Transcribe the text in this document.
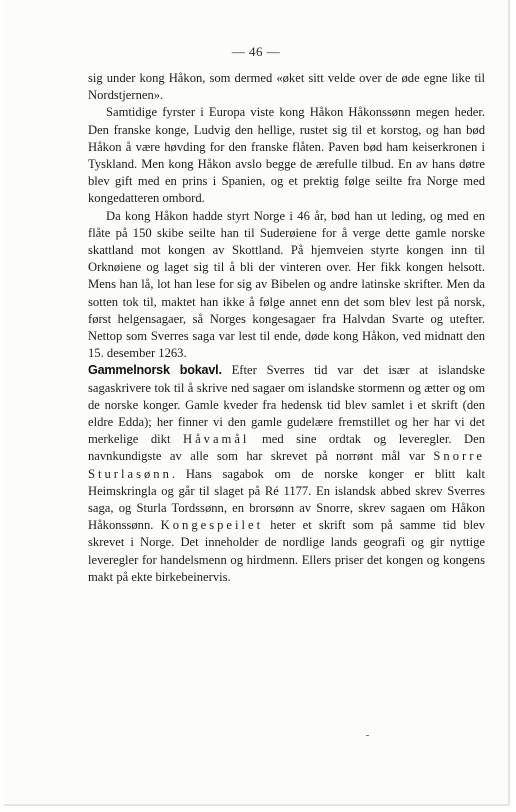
— 46 —

sig under kong Håkon, som dermed «øket sitt velde over de øde egne like til Nordstjernen».

Samtidige fyrster i Europa viste kong Håkon Håkonssønn megen heder. Den franske konge, Ludvig den hellige, rustet sig til et korstog, og han bød Håkon å være høvding for den franske flåten. Paven bød ham keiserkronen i Tyskland. Men kong Håkon avslo begge de ærefulle tilbud. En av hans døtre blev gift med en prins i Spanien, og et prektig følge seilte fra Norge med kongedatteren ombord.

Da kong Håkon hadde styrt Norge i 46 år, bød han ut leding, og med en flåte på 150 skibe seilte han til Suderøiene for å verge dette gamle norske skattland mot kongen av Skottland. På hjemveien styrte kongen inn til Orknøiene og laget sig til å bli der vinteren over. Her fikk kongen helsott. Mens han lå, lot han lese for sig av Bibelen og andre latinske skrifter. Men da sotten tok til, maktet han ikke å følge annet enn det som blev lest på norsk, først helgensagaer, så Norges kongesagaer fra Halvdan Svarte og utefter. Nettop som Sverres saga var lest til ende, døde kong Håkon, ved midnatt den 15. desember 1263.

Gammelnorsk bokavl. Efter Sverres tid var det især at islandske sagaskrivere tok til å skrive ned sagaer om islandske stormenn og ætter og om de norske konger. Gamle kveder fra hedensk tid blev samlet i et skrift (den eldre Edda); her finner vi den gamle gudelære fremstillet og her har vi det merkelige dikt Håvamål med sine ordtak og leveregler. Den navnkundigste av alle som har skrevet på norrønt mål var Snorre Sturlasønn. Hans sagabok om de norske konger er blitt kalt Heimskringla og går til slaget på Ré 1177. En islandsk abbed skrev Sverres saga, og Sturla Tordssønn, en brorsønn av Snorre, skrev sagaen om Håkon Håkonssønn. Kongespeilet heter et skrift som på samme tid blev skrevet i Norge. Det inneholder de nordlige lands geografi og gir nyttige leveregler for handelsmenn og hirdmenn. Ellers priser det kongen og kongens makt på ekte birkebeinervis.
